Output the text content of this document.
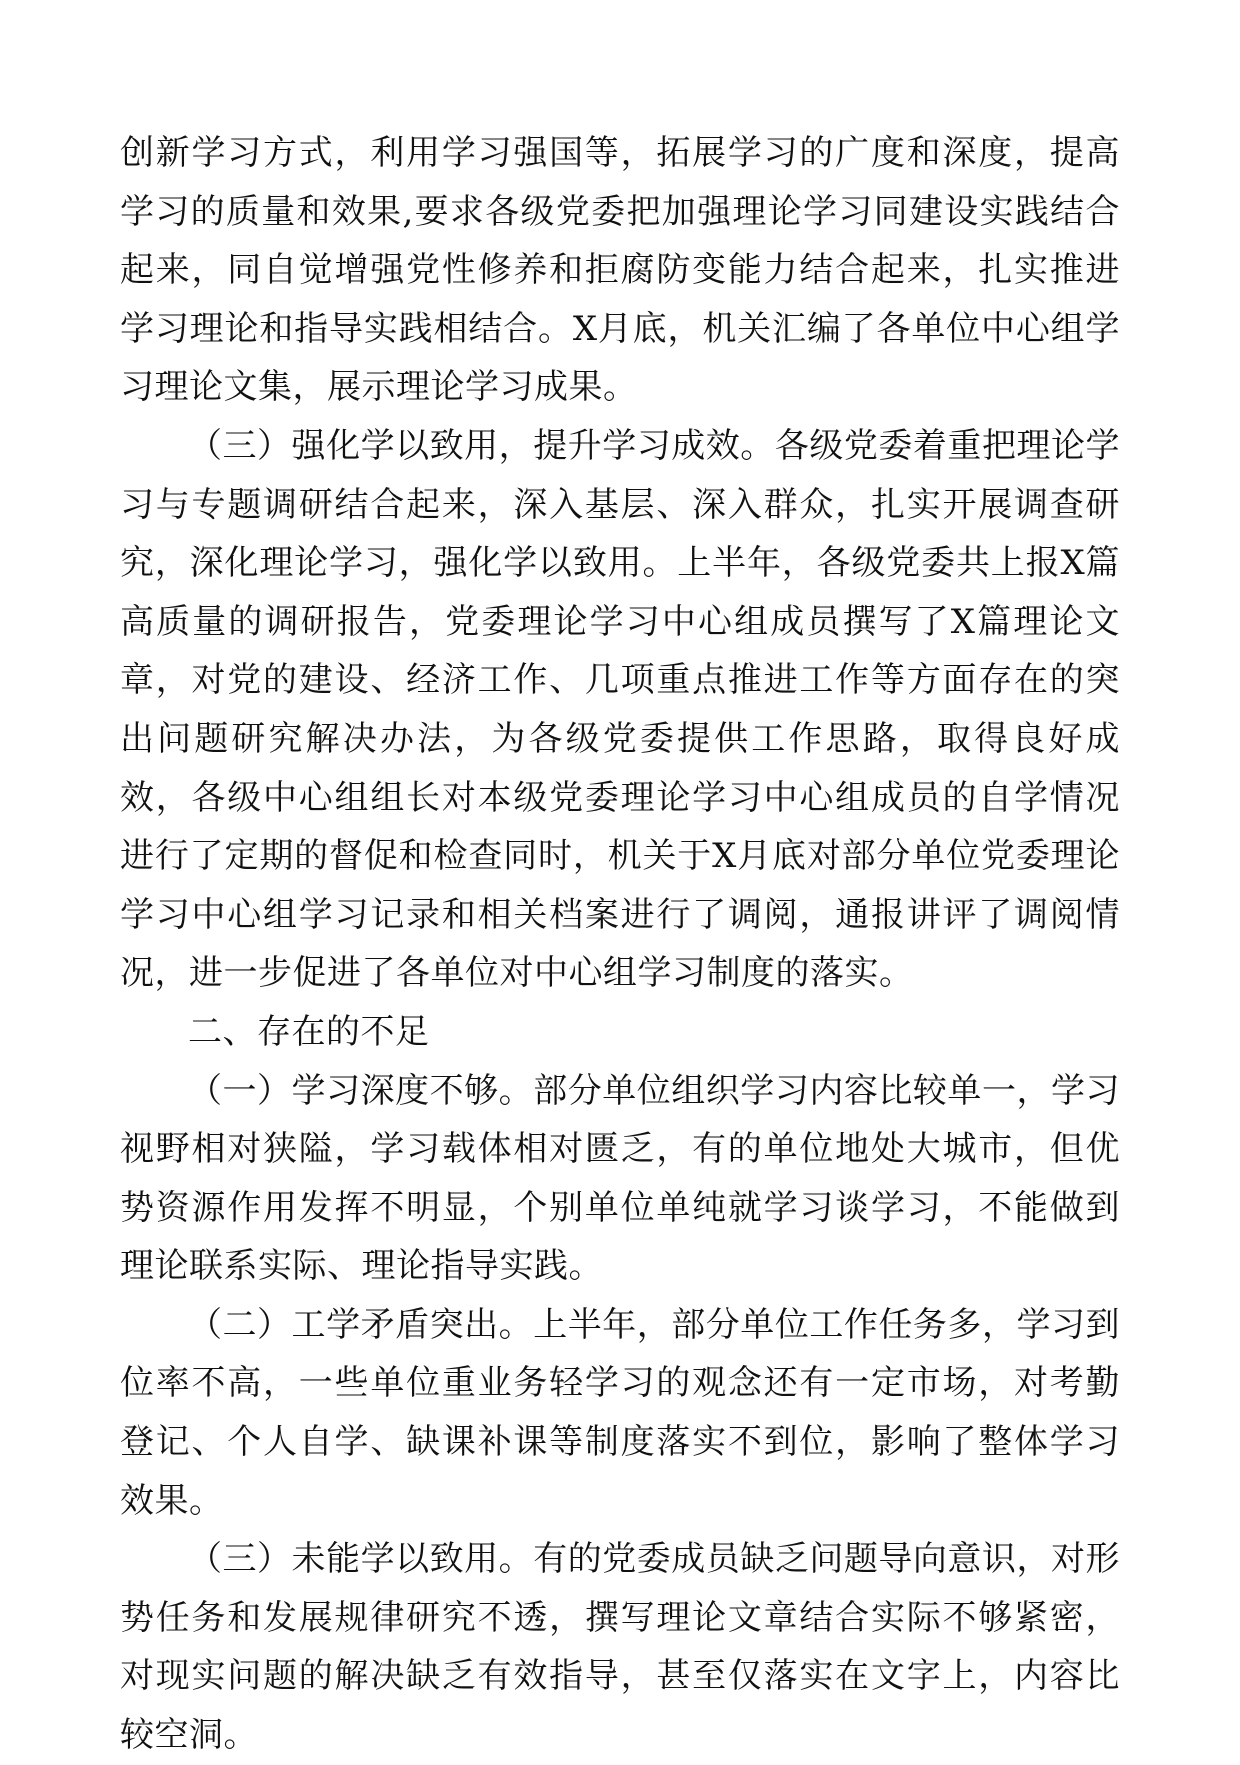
创新学习方式，利用学习强国等，拓展学习的广度和深度，提高学习的质量和效果,要求各级党委把加强理论学习同建设实践结合起来，同自觉增强党性修养和拒腐防变能力结合起来，扎实推进学习理论和指导实践相结合。X月底，机关汇编了各单位中心组学习理论文集，展示理论学习成果。

（三）强化学以致用，提升学习成效。各级党委着重把理论学习与专题调研结合起来，深入基层、深入群众，扎实开展调查研究，深化理论学习，强化学以致用。上半年，各级党委共上报X篇高质量的调研报告，党委理论学习中心组成员撰写了X篇理论文章，对党的建设、经济工作、几项重点推进工作等方面存在的突出问题研究解决办法，为各级党委提供工作思路，取得良好成效，各级中心组组长对本级党委理论学习中心组成员的自学情况进行了定期的督促和检查同时，机关于X月底对部分单位党委理论学习中心组学习记录和相关档案进行了调阅，通报讲评了调阅情况，进一步促进了各单位对中心组学习制度的落实。

二、存在的不足

（一）学习深度不够。部分单位组织学习内容比较单一，学习视野相对狭隘，学习载体相对匮乏，有的单位地处大城市，但优势资源作用发挥不明显，个别单位单纯就学习谈学习，不能做到理论联系实际、理论指导实践。

（二）工学矛盾突出。上半年，部分单位工作任务多，学习到位率不高，一些单位重业务轻学习的观念还有一定市场，对考勤登记、个人自学、缺课补课等制度落实不到位，影响了整体学习效果。

（三）未能学以致用。有的党委成员缺乏问题导向意识，对形势任务和发展规律研究不透，撰写理论文章结合实际不够紧密，对现实问题的解决缺乏有效指导，甚至仅落实在文字上，内容比较空洞。
